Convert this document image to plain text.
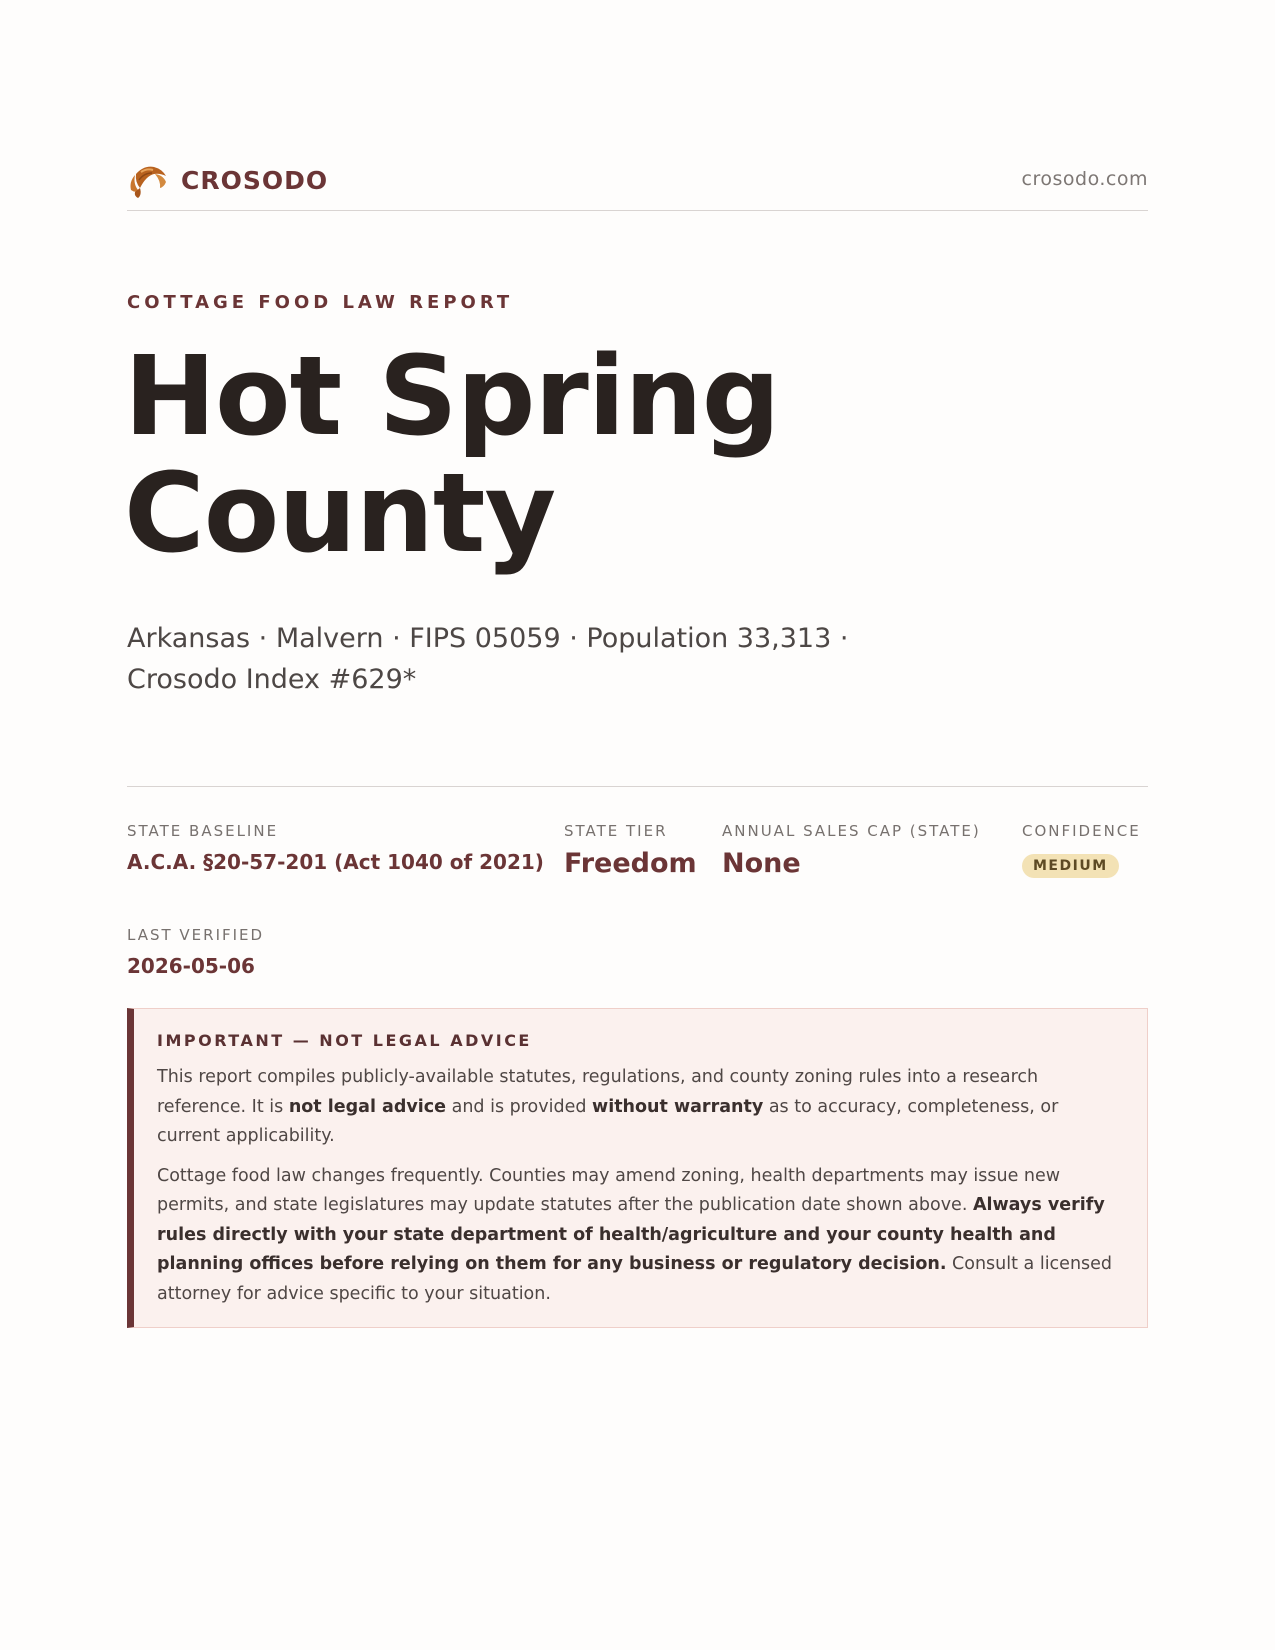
CROSODO	crosodo.com
COTTAGE FOOD LAW REPORT
Hot Spring County
Arkansas · Malvern · FIPS 05059 · Population 33,313 · Crosodo Index #629*
STATE BASELINE
A.C.A. §20-57-201 (Act 1040 of 2021)
STATE TIER
Freedom
ANNUAL SALES CAP (STATE)
None
CONFIDENCE
MEDIUM
LAST VERIFIED
2026-05-06
IMPORTANT — NOT LEGAL ADVICE

This report compiles publicly-available statutes, regulations, and county zoning rules into a research reference. It is not legal advice and is provided without warranty as to accuracy, completeness, or current applicability.

Cottage food law changes frequently. Counties may amend zoning, health departments may issue new permits, and state legislatures may update statutes after the publication date shown above. Always verify rules directly with your state department of health/agriculture and your county health and planning offices before relying on them for any business or regulatory decision. Consult a licensed attorney for advice specific to your situation.
